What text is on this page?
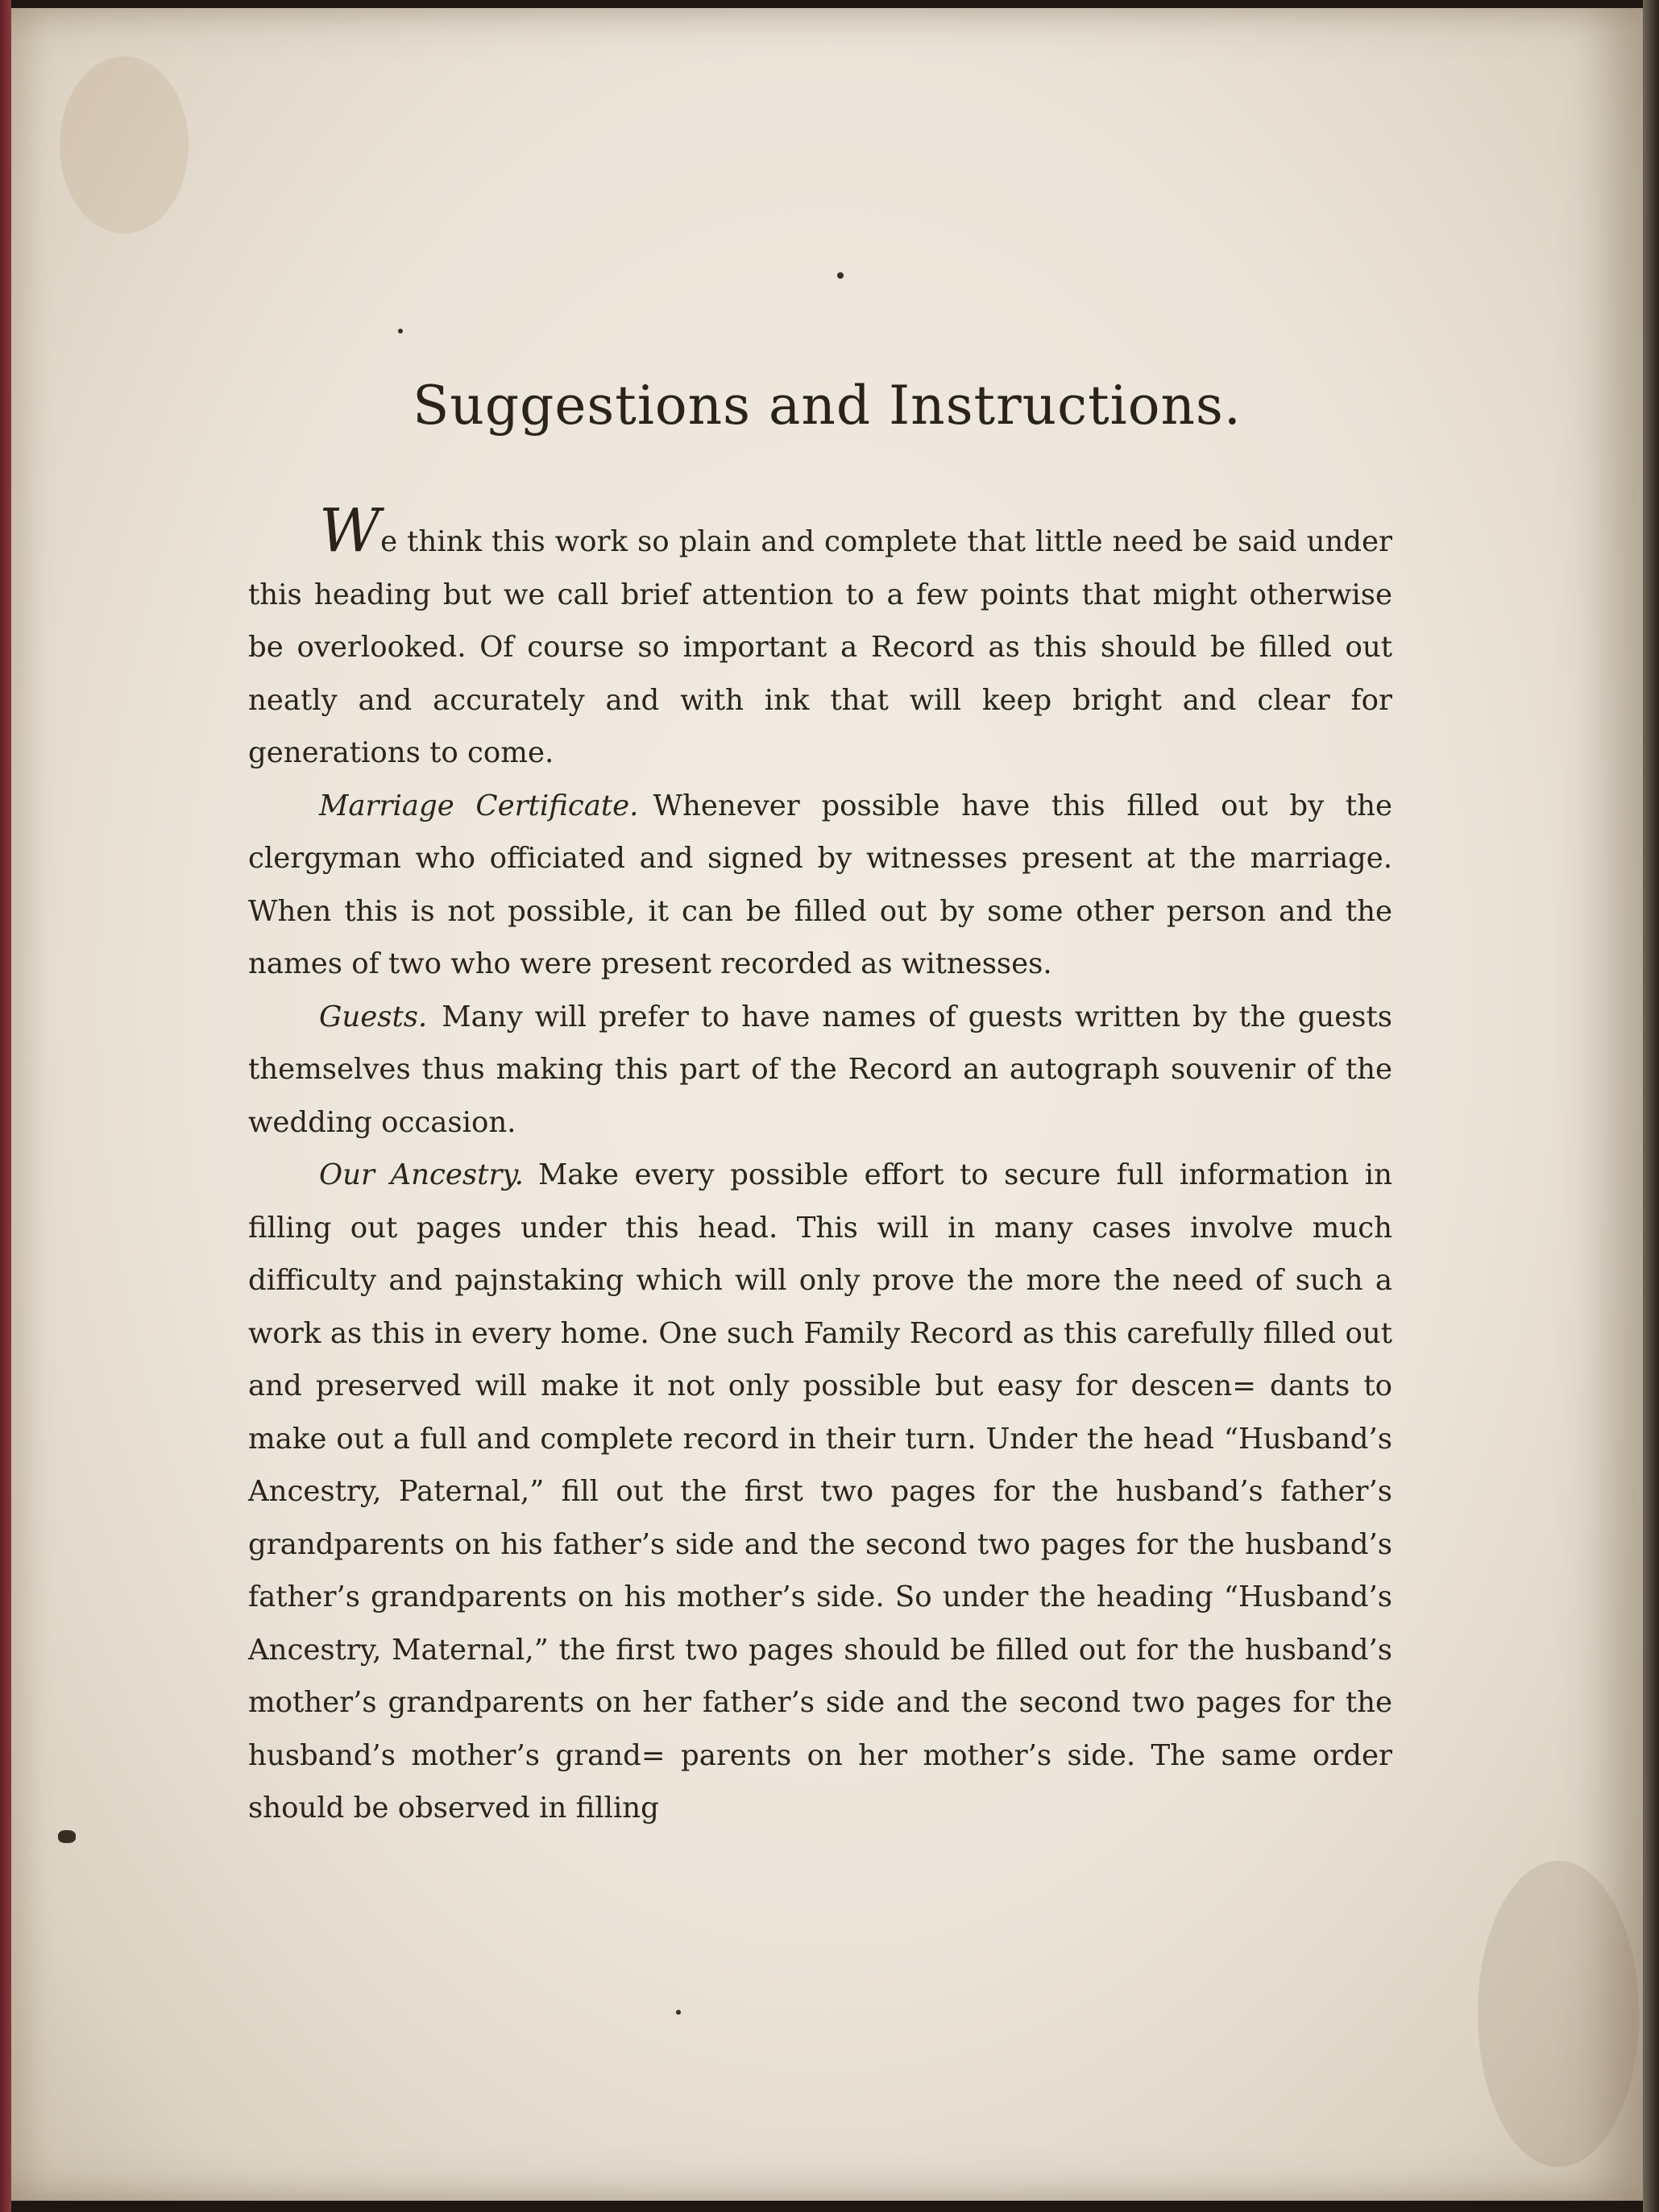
Suggestions and Instructions.

We think this work so plain and complete that little need be said under this heading but we call brief attention to a few points that might otherwise be overlooked. Of course so important a Record as this should be filled out neatly and accurately and with ink that will keep bright and clear for generations to come.

Marriage Certificate. Whenever possible have this filled out by the clergyman who officiated and signed by witnesses present at the marriage. When this is not possible, it can be filled out by some other person and the names of two who were present recorded as witnesses.

Guests. Many will prefer to have names of guests written by the guests themselves thus making this part of the Record an autograph souvenir of the wedding occasion.

Our Ancestry. Make every possible effort to secure full information in filling out pages under this head. This will in many cases involve much difficulty and pajnstaking which will only prove the more the need of such a work as this in every home. One such Family Record as this carefully filled out and preserved will make it not only possible but easy for descen= dants to make out a full and complete record in their turn. Under the head “Husband’s Ancestry, Paternal,” fill out the first two pages for the husband’s father’s grandparents on his father’s side and the second two pages for the husband’s father’s grandparents on his mother’s side. So under the heading “Husband’s Ancestry, Maternal,” the first two pages should be filled out for the husband’s mother’s grandparents on her father’s side and the second two pages for the husband’s mother’s grand= parents on her mother’s side. The same order should be observed in filling
